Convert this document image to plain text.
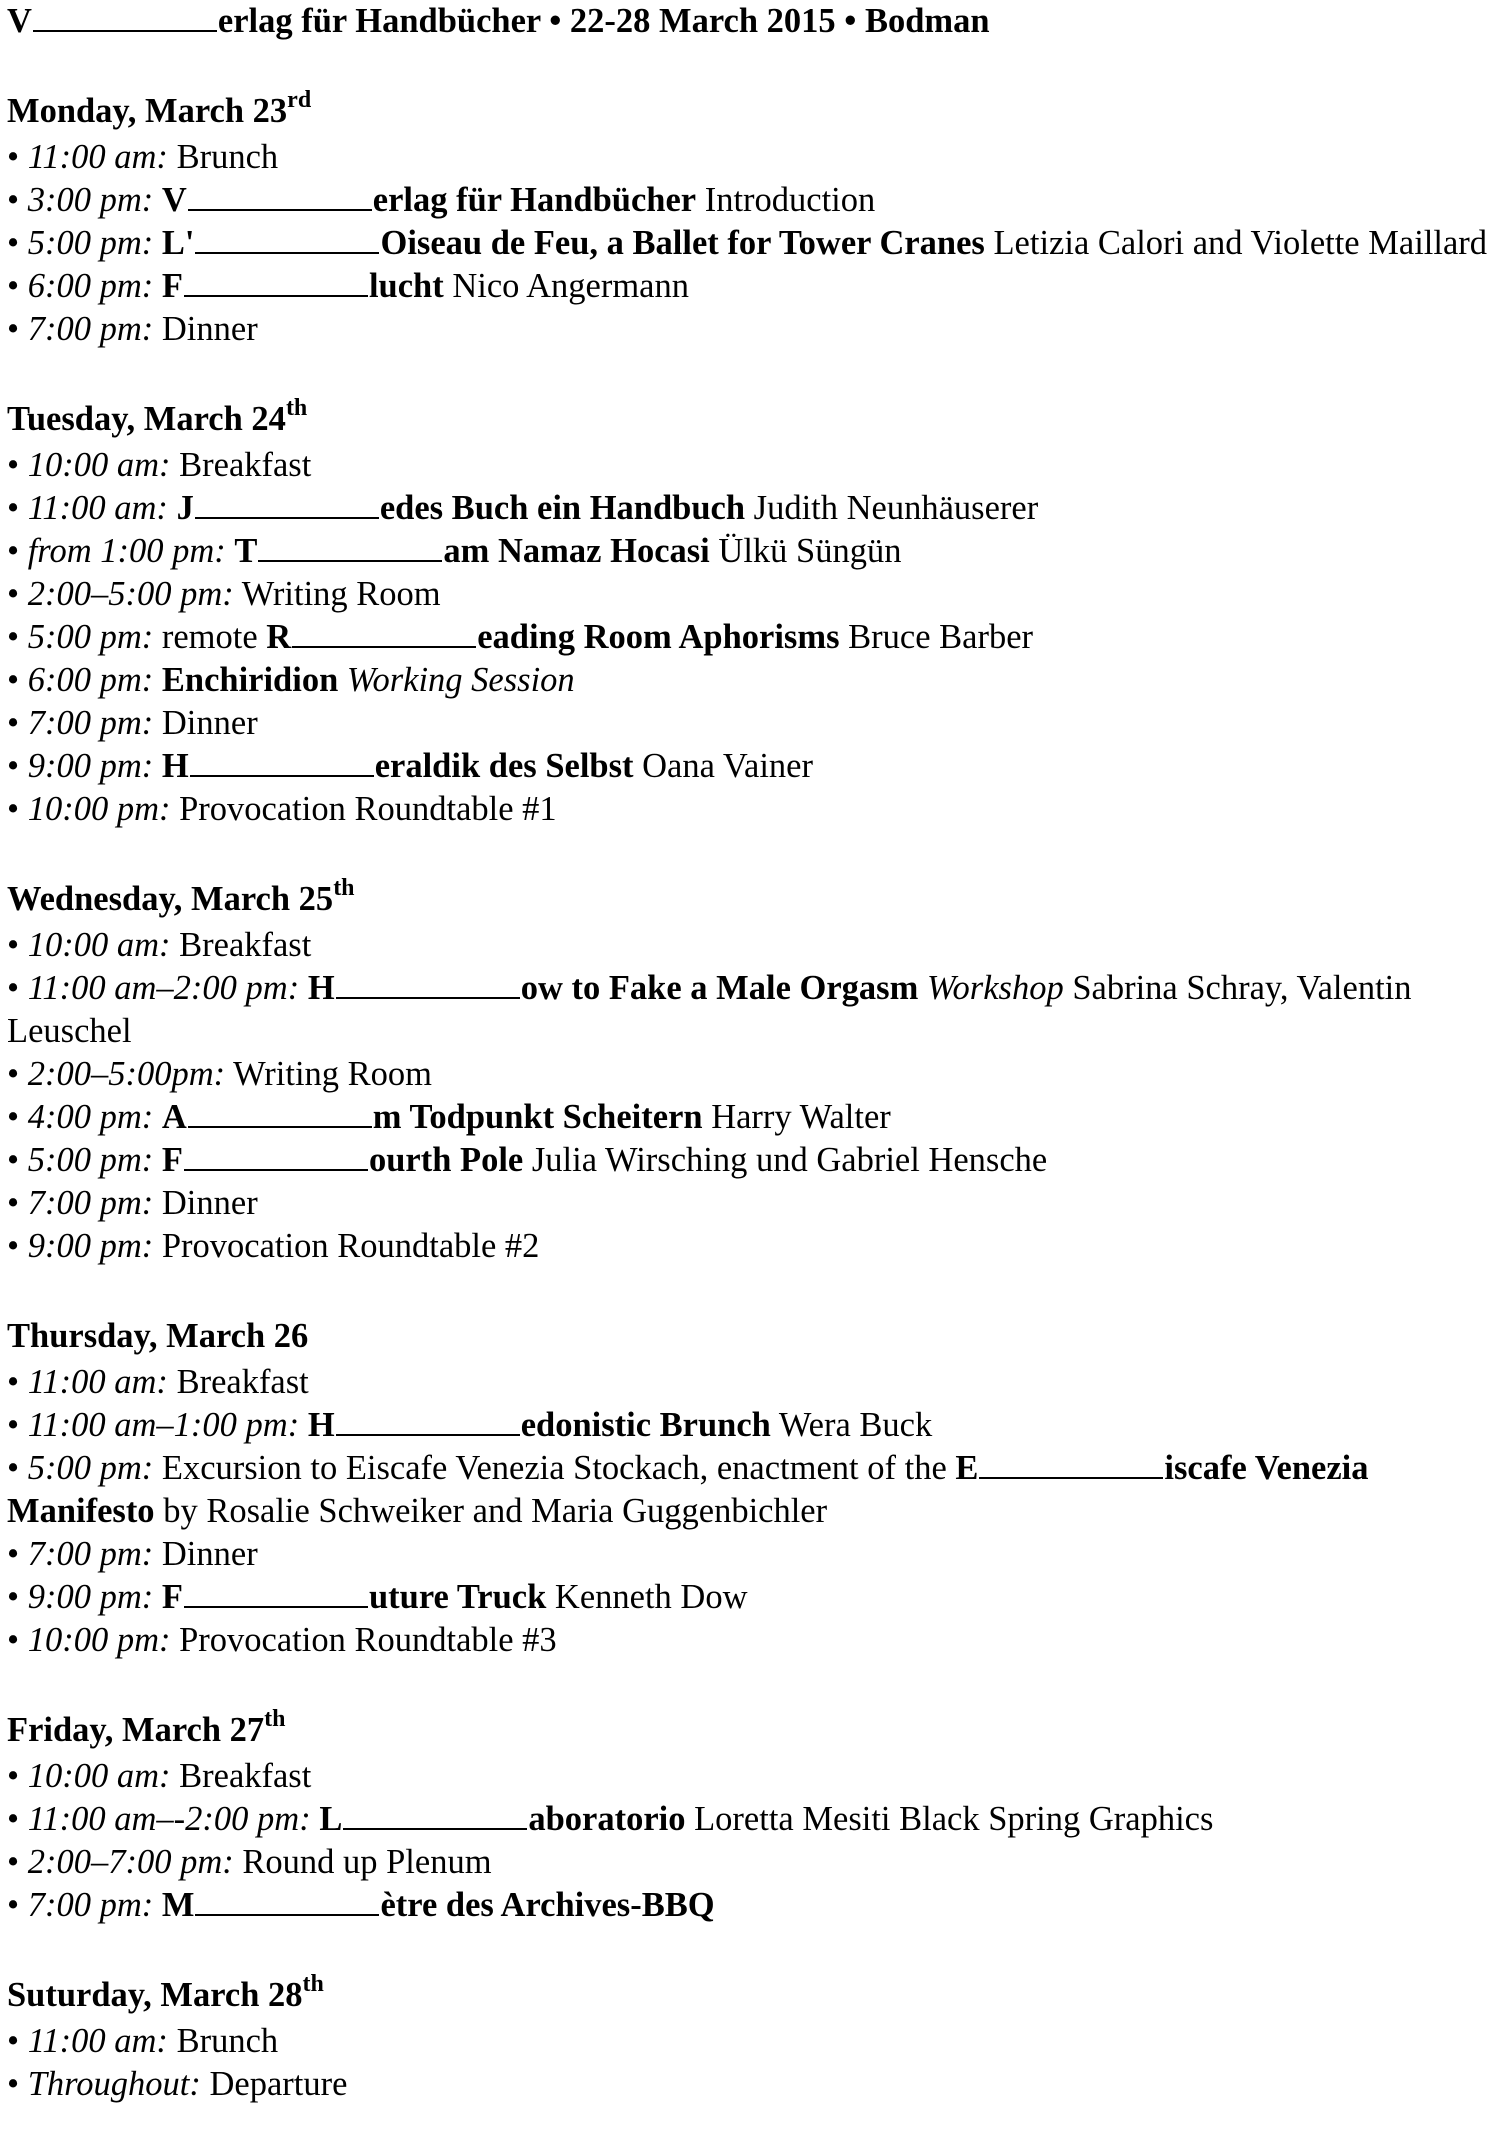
V	erlag für Handbücher • 22-28 March 2015 • Bodman

Monday, March 23rd

• 11:00 am: Brunch

• 3:00 pm: V	erlag für Handbücher Introduction

• 5:00 pm: L'	Oiseau de Feu, a Ballet for Tower Cranes Letizia Calori and Violette Maillard

• 6:00 pm: F	lucht Nico Angermann

• 7:00 pm: Dinner

Tuesday, March 24th

• 10:00 am: Breakfast

• 11:00 am: J	edes Buch ein Handbuch Judith Neunhäuserer

• from 1:00 pm: T	am Namaz Hocasi Ülkü Süngün

• 2:00–5:00 pm: Writing Room

• 5:00 pm: remote R	eading Room Aphorisms Bruce Barber

• 6:00 pm: Enchiridion Working Session

• 7:00 pm: Dinner

• 9:00 pm: H	eraldik des Selbst Oana Vainer

• 10:00 pm: Provocation Roundtable #1

Wednesday, March 25th

• 10:00 am: Breakfast

• 11:00 am–2:00 pm: H	ow to Fake a Male Orgasm Workshop Sabrina Schray, Valentin Leuschel

• 2:00–5:00pm: Writing Room

• 4:00 pm: A	m Todpunkt Scheitern Harry Walter

• 5:00 pm: F	ourth Pole Julia Wirsching und Gabriel Hensche

• 7:00 pm: Dinner

• 9:00 pm: Provocation Roundtable #2

Thursday, March 26

• 11:00 am: Breakfast

• 11:00 am–1:00 pm: H	edonistic Brunch Wera Buck

• 5:00 pm: Excursion to Eiscafe Venezia Stockach, enactment of the E	iscafe Venezia Manifesto by Rosalie Schweiker and Maria Guggenbichler

• 7:00 pm: Dinner

• 9:00 pm: F	uture Truck Kenneth Dow

• 10:00 pm: Provocation Roundtable #3

Friday, March 27th

• 10:00 am: Breakfast

• 11:00 am–-2:00 pm: L	aboratorio Loretta Mesiti Black Spring Graphics

• 2:00–7:00 pm: Round up Plenum

• 7:00 pm: M	ètre des Archives-BBQ

Suturday, March 28th

• 11:00 am: Brunch

• Throughout: Departure
